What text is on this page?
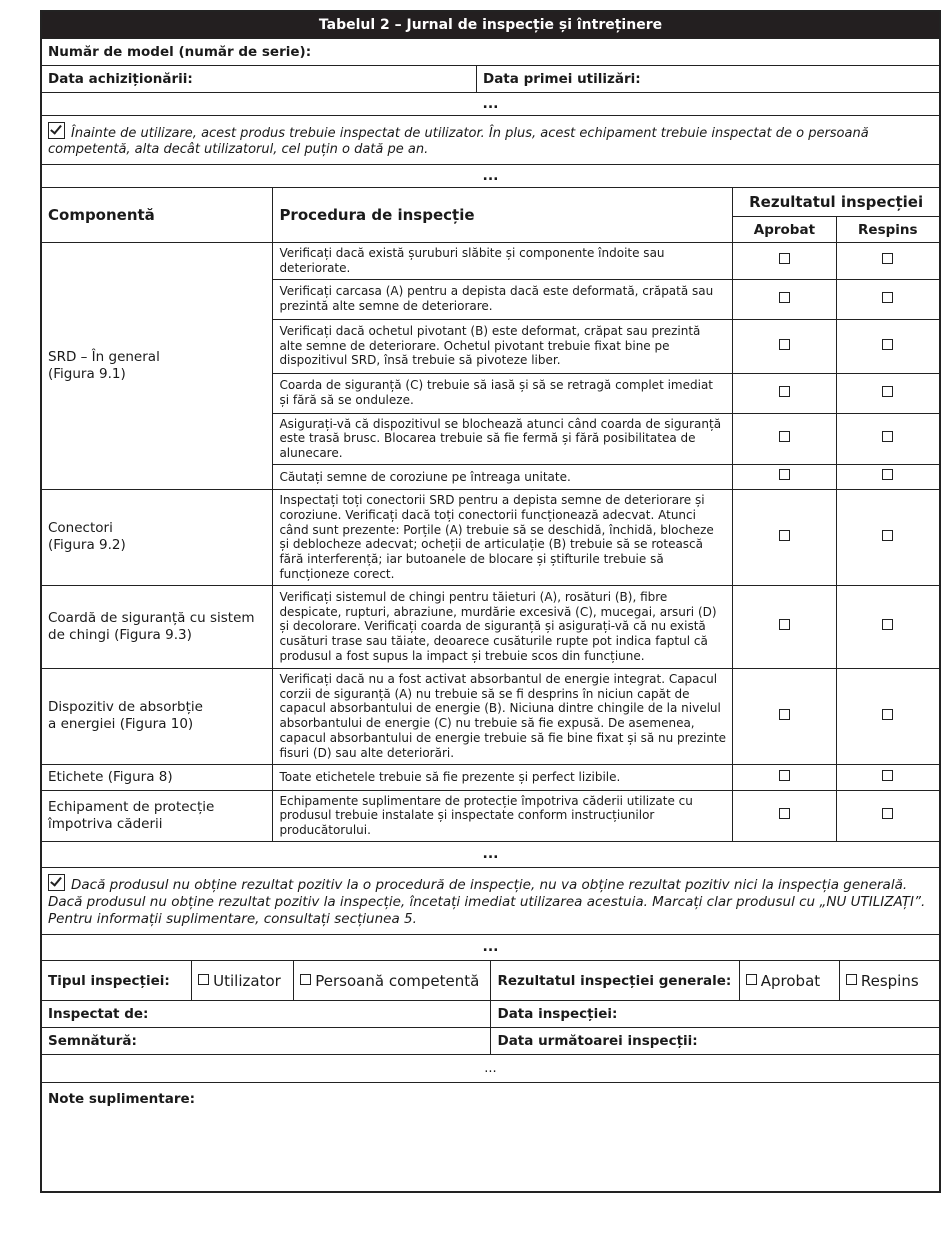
Tabelul 2 – Jurnal de inspecție și întreținere				
Număr de model (număr de serie):				
Data achiziționării:		Data primei utilizări:		
...				
Înainte de utilizare, acest produs trebuie inspectat de utilizator. În plus, acest echipament trebuie inspectat de o persoană competentă, alta decât utilizatorul, cel puțin o dată pe an.				
...				
Componentă	Procedura de inspecție		Rezultatul inspecției	
			Aprobat	Respins
SRD – În general
(Figura 9.1)	Verificați dacă există șuruburi slăbite și componente îndoite sau deteriorate.			
	Verificați carcasa (A) pentru a depista dacă este deformată, crăpată sau prezintă alte semne de deteriorare.			
	Verificați dacă ochetul pivotant (B) este deformat, crăpat sau prezintă alte semne de deteriorare. Ochetul pivotant trebuie fixat bine pe dispozitivul SRD, însă trebuie să pivoteze liber.			
	Coarda de siguranță (C) trebuie să iasă și să se retragă complet imediat și fără să se onduleze.			
	Asigurați-vă că dispozitivul se blochează atunci când coarda de siguranță este trasă brusc. Blocarea trebuie să fie fermă și fără posibilitatea de alunecare.			
	Căutați semne de coroziune pe întreaga unitate.			
Conectori
(Figura 9.2)	Inspectați toți conectorii SRD pentru a depista semne de deteriorare și coroziune. Verificați dacă toți conectorii funcționează adecvat. Atunci când sunt prezente: Porțile (A) trebuie să se deschidă, închidă, blocheze și deblocheze adecvat; ocheții de articulație (B) trebuie să se rotească fără interferență; iar butoanele de blocare și știfturile trebuie să funcționeze corect.			
Coardă de siguranță cu sistem
de chingi (Figura 9.3)	Verificați sistemul de chingi pentru tăieturi (A), rosături (B), fibre despicate, rupturi, abraziune, murdărie excesivă (C), mucegai, arsuri (D) și decolorare. Verificați coarda de siguranță și asigurați-vă că nu există cusături trase sau tăiate, deoarece cusăturile rupte pot indica faptul că produsul a fost supus la impact și trebuie scos din funcțiune.			
Dispozitiv de absorbție
a energiei (Figura 10)	Verificați dacă nu a fost activat absorbantul de energie integrat. Capacul corzii de siguranță (A) nu trebuie să se fi desprins în niciun capăt de capacul absorbantului de energie (B). Niciuna dintre chingile de la nivelul absorbantului de energie (C) nu trebuie să fie expusă. De asemenea, capacul absorbantului de energie trebuie să fie bine fixat și să nu prezinte fisuri (D) sau alte deteriorări.			
Etichete (Figura 8)	Toate etichetele trebuie să fie prezente și perfect lizibile.			
Echipament de protecție
împotriva căderii	Echipamente suplimentare de protecție împotriva căderii utilizate cu produsul trebuie instalate și inspectate conform instrucțiunilor producătorului.			
...				
Dacă produsul nu obține rezultat pozitiv la o procedură de inspecție, nu va obține rezultat pozitiv nici la inspecția generală. Dacă produsul nu obține rezultat pozitiv la inspecție, încetați imediat utilizarea acestuia. Marcați clar produsul cu „NU UTILIZAȚI”. Pentru informații suplimentare, consultați secțiunea 5.				
...				
Tipul inspecției:	Utilizator	Persoană competentă	Rezultatul inspecției generale:	Aprobat	Respins
Inspectat de:			Data inspecției:		
Semnătură:			Data următoarei inspecții:		
...					
Note suplimentare:					
